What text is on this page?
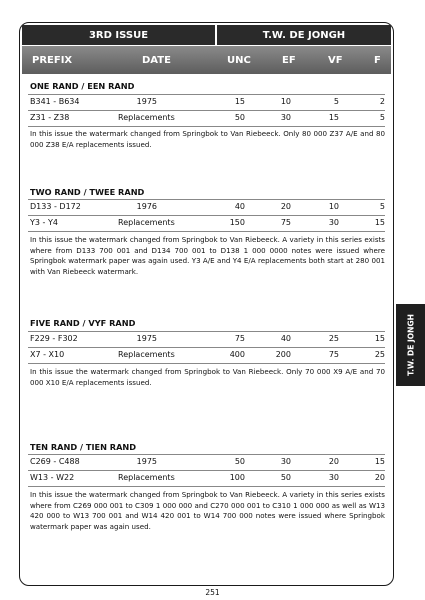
3RD ISSUE	T.W. DE JONGH
PREFIX	DATE	UNC	EF	VF	F
ONE RAND / EEN RAND
B341 - B634	1975	15	10	5	2
Z31 - Z38	Replacements	50	30	15	5
In this issue the watermark changed from Springbok to Van Riebeeck. Only 80 000 Z37 A/E and 80 000 Z38 E/A replacements issued.
TWO RAND / TWEE RAND
D133 - D172	1976	40	20	10	5
Y3 - Y4	Replacements	150	75	30	15
In this issue the watermark changed from Springbok to Van Riebeeck. A variety in this series exists where from D133 700 001 and D134 700 001 to D138 1 000 0000 notes were issued where Springbok watermark paper was again used. Y3 A/E and Y4 E/A replacements both start at 280 001 with Van Riebeeck watermark.
FIVE RAND / VYF RAND
F229 - F302	1975	75	40	25	15
X7 - X10	Replacements	400	200	75	25
In this issue the watermark changed from Springbok to Van Riebeeck. Only 70 000 X9 A/E and 70 000 X10 E/A replacements issued.
TEN RAND / TIEN RAND
C269 - C488	1975	50	30	20	15
W13 - W22	Replacements	100	50	30	20
In this issue the watermark changed from Springbok to Van Riebeeck. A variety in this series exists where from C269 000 001 to C309 1 000 000 and C270 000 001 to C310 1 000 000 as well as W13 420 000 to W13 700 001 and W14 420 001 to W14 700 000 notes were issued where Springbok watermark paper was again used.
T.W. DE JONGH
251
